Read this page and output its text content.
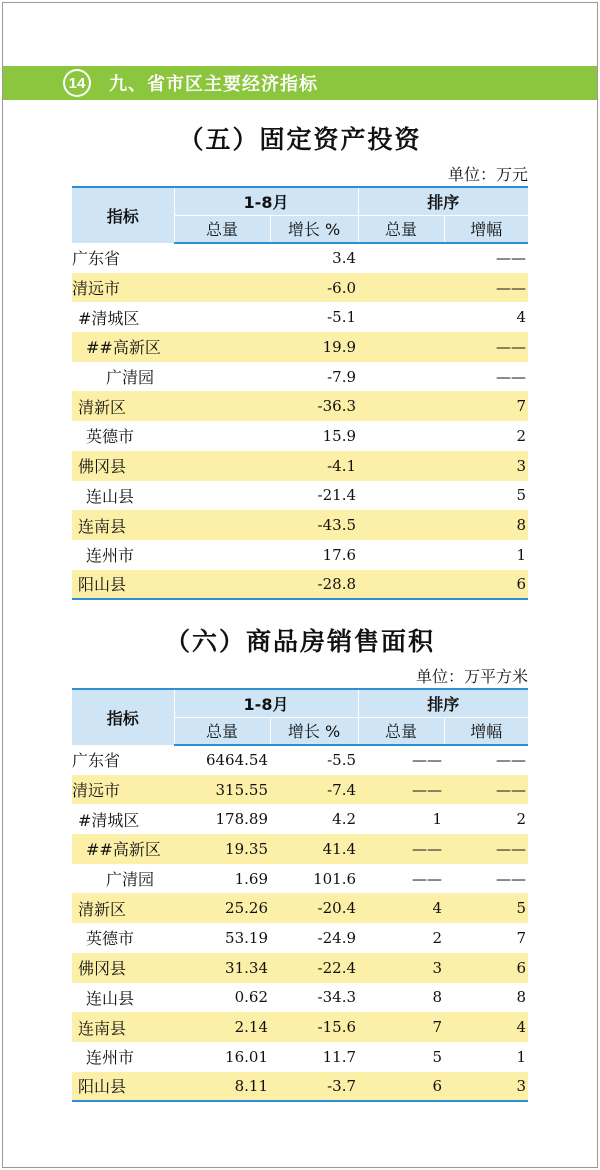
14 九、省市区主要经济指标
（五）固定资产投资
单位：万元
指标	1-8月		排序	
	总量	增长 %	总量	增幅
广东省		3.4		——
清远市		-6.0		——
#清城区		-5.1		4
##高新区		19.9		——
广清园		-7.9		——
清新区		-36.3		7
英德市		15.9		2
佛冈县		-4.1		3
连山县		-21.4		5
连南县		-43.5		8
连州市		17.6		1
阳山县		-28.8		6
（六）商品房销售面积
单位：万平方米
指标	1-8月		排序	
	总量	增长 %	总量	增幅
广东省	6464.54	-5.5	——	——
清远市	315.55	-7.4	——	——
#清城区	178.89	4.2	1	2
##高新区	19.35	41.4	——	——
广清园	1.69	101.6	——	——
清新区	25.26	-20.4	4	5
英德市	53.19	-24.9	2	7
佛冈县	31.34	-22.4	3	6
连山县	0.62	-34.3	8	8
连南县	2.14	-15.6	7	4
连州市	16.01	11.7	5	1
阳山县	8.11	-3.7	6	3
